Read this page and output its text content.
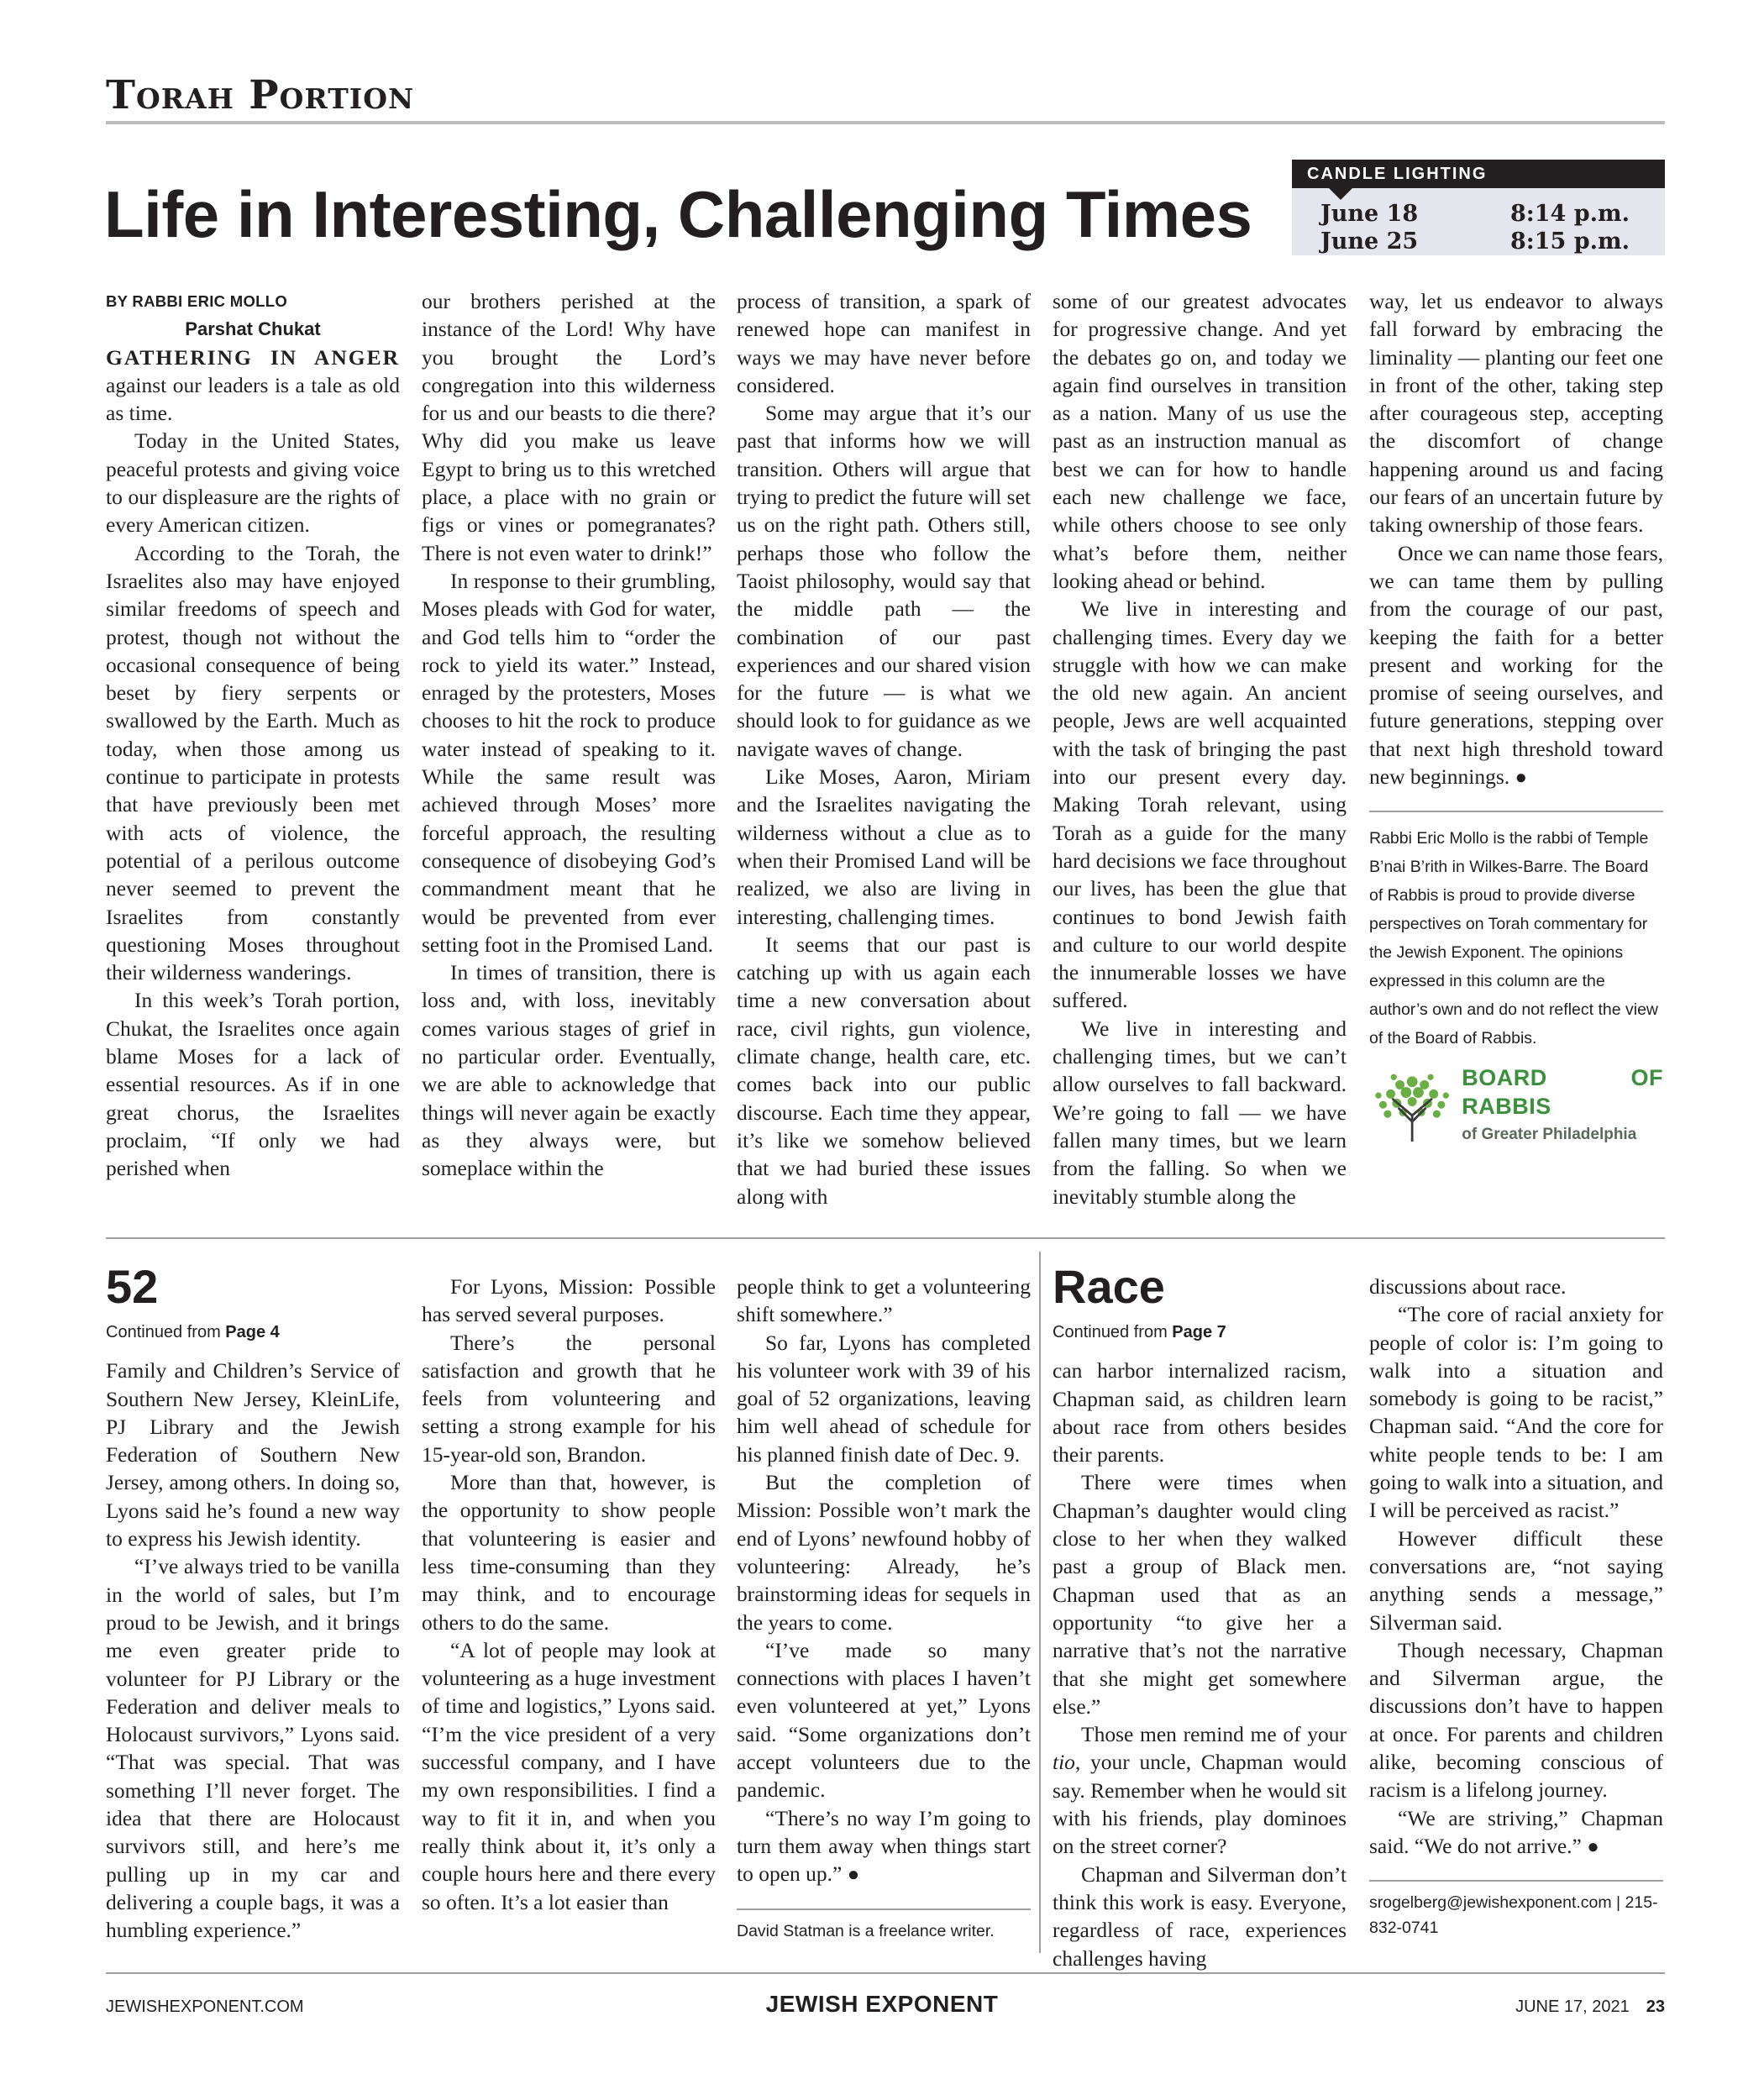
Torah Portion
Life in Interesting, Challenging Times
CANDLE LIGHTING
June 18	8:14 p.m.
June 25	8:15 p.m.

BY RABBI ERIC MOLLO

Parshat Chukat

GATHERING IN ANGER against our leaders is a tale as old as time.

Today in the United States, peaceful protests and giving voice to our displeasure are the rights of every American citizen.

According to the Torah, the Israelites also may have enjoyed similar freedoms of speech and protest, though not without the occasional consequence of being beset by fiery serpents or swallowed by the Earth. Much as today, when those among us continue to participate in protests that have previously been met with acts of violence, the potential of a perilous outcome never seemed to prevent the Israelites from constantly questioning Moses throughout their wilderness wanderings.

In this week’s Torah portion, Chukat, the Israelites once again blame Moses for a lack of essential resources. As if in one great chorus, the Israelites proclaim, “If only we had perished when

our brothers perished at the instance of the Lord! Why have you brought the Lord’s congregation into this wilderness for us and our beasts to die there? Why did you make us leave Egypt to bring us to this wretched place, a place with no grain or figs or vines or pomegranates? There is not even water to drink!”

In response to their grumbling, Moses pleads with God for water, and God tells him to “order the rock to yield its water.” Instead, enraged by the protesters, Moses chooses to hit the rock to produce water instead of speaking to it. While the same result was achieved through Moses’ more forceful approach, the resulting consequence of disobeying God’s commandment meant that he would be prevented from ever setting foot in the Promised Land.

In times of transition, there is loss and, with loss, inevitably comes various stages of grief in no particular order. Eventually, we are able to acknowledge that things will never again be exactly as they always were, but someplace within the

process of transition, a spark of renewed hope can manifest in ways we may have never before considered.

Some may argue that it’s our past that informs how we will transition. Others will argue that trying to predict the future will set us on the right path. Others still, perhaps those who follow the Taoist philosophy, would say that the middle path — the combination of our past experiences and our shared vision for the future — is what we should look to for guidance as we navigate waves of change.

Like Moses, Aaron, Miriam and the Israelites navigating the wilderness without a clue as to when their Promised Land will be realized, we also are living in interesting, challenging times.

It seems that our past is catching up with us again each time a new conversation about race, civil rights, gun violence, climate change, health care, etc. comes back into our public discourse. Each time they appear, it’s like we somehow believed that we had buried these issues along with

some of our greatest advocates for progressive change. And yet the debates go on, and today we again find ourselves in transition as a nation. Many of us use the past as an instruction manual as best we can for how to handle each new challenge we face, while others choose to see only what’s before them, neither looking ahead or behind.

We live in interesting and challenging times. Every day we struggle with how we can make the old new again. An ancient people, Jews are well acquainted with the task of bringing the past into our present every day. Making Torah relevant, using Torah as a guide for the many hard decisions we face throughout our lives, has been the glue that continues to bond Jewish faith and culture to our world despite the innumerable losses we have suffered.

We live in interesting and challenging times, but we can’t allow ourselves to fall backward. We’re going to fall — we have fallen many times, but we learn from the falling. So when we inevitably stumble along the

way, let us endeavor to always fall forward by embracing the liminality — planting our feet one in front of the other, taking step after courageous step, accepting the discomfort of change happening around us and facing our fears of an uncertain future by taking ownership of those fears.

Once we can name those fears, we can tame them by pulling from the courage of our past, keeping the faith for a better present and working for the promise of seeing ourselves, and future generations, stepping over that next high threshold toward new beginnings. ●

Rabbi Eric Mollo is the rabbi of Temple B’nai B’rith in Wilkes-Barre. The Board of Rabbis is proud to provide diverse perspectives on Torah commentary for the Jewish Exponent. The opinions expressed in this column are the author’s own and do not reflect the view of the Board of Rabbis.
BOARD OF RABBIS
of Greater Philadelphia
52
Continued from Page 4

Family and Children’s Service of Southern New Jersey, KleinLife, PJ Library and the Jewish Federation of Southern New Jersey, among others. In doing so, Lyons said he’s found a new way to express his Jewish identity.

“I’ve always tried to be vanilla in the world of sales, but I’m proud to be Jewish, and it brings me even greater pride to volunteer for PJ Library or the Federation and deliver meals to Holocaust survivors,” Lyons said. “That was special. That was something I’ll never forget. The idea that there are Holocaust survivors still, and here’s me pulling up in my car and delivering a couple bags, it was a humbling experience.”

For Lyons, Mission: Possible has served several purposes.

There’s the personal satisfaction and growth that he feels from volunteering and setting a strong example for his 15-year-old son, Brandon.

More than that, however, is the opportunity to show people that volunteering is easier and less time-consuming than they may think, and to encourage others to do the same.

“A lot of people may look at volunteering as a huge investment of time and logistics,” Lyons said. “I’m the vice president of a very successful company, and I have my own responsibilities. I find a way to fit it in, and when you really think about it, it’s only a couple hours here and there every so often. It’s a lot easier than

people think to get a volunteering shift somewhere.”

So far, Lyons has completed his volunteer work with 39 of his goal of 52 organizations, leaving him well ahead of schedule for his planned finish date of Dec. 9.

But the completion of Mission: Possible won’t mark the end of Lyons’ newfound hobby of volunteering: Already, he’s brainstorming ideas for sequels in the years to come.

“I’ve made so many connections with places I haven’t even volunteered at yet,” Lyons said. “Some organizations don’t accept volunteers due to the pandemic.

“There’s no way I’m going to turn them away when things start to open up.” ●

David Statman is a freelance writer.
Race
Continued from Page 7

can harbor internalized racism, Chapman said, as children learn about race from others besides their parents.

There were times when Chapman’s daughter would cling close to her when they walked past a group of Black men. Chapman used that as an opportunity “to give her a narrative that’s not the narrative that she might get somewhere else.”

Those men remind me of your tio, your uncle, Chapman would say. Remember when he would sit with his friends, play dominoes on the street corner?

Chapman and Silverman don’t think this work is easy. Everyone, regardless of race, experiences challenges having

discussions about race.

“The core of racial anxiety for people of color is: I’m going to walk into a situation and somebody is going to be racist,” Chapman said. “And the core for white people tends to be: I am going to walk into a situation, and I will be perceived as racist.”

However difficult these conversations are, “not saying anything sends a message,” Silverman said.

Though necessary, Chapman and Silverman argue, the discussions don’t have to happen at once. For parents and children alike, becoming conscious of racism is a lifelong journey.

“We are striving,” Chapman said. “We do not arrive.” ●

srogelberg@jewishexponent.com | 215-832-0741
JEWISHEXPONENT.COM	JEWISH EXPONENT	JUNE 17, 2021 23
